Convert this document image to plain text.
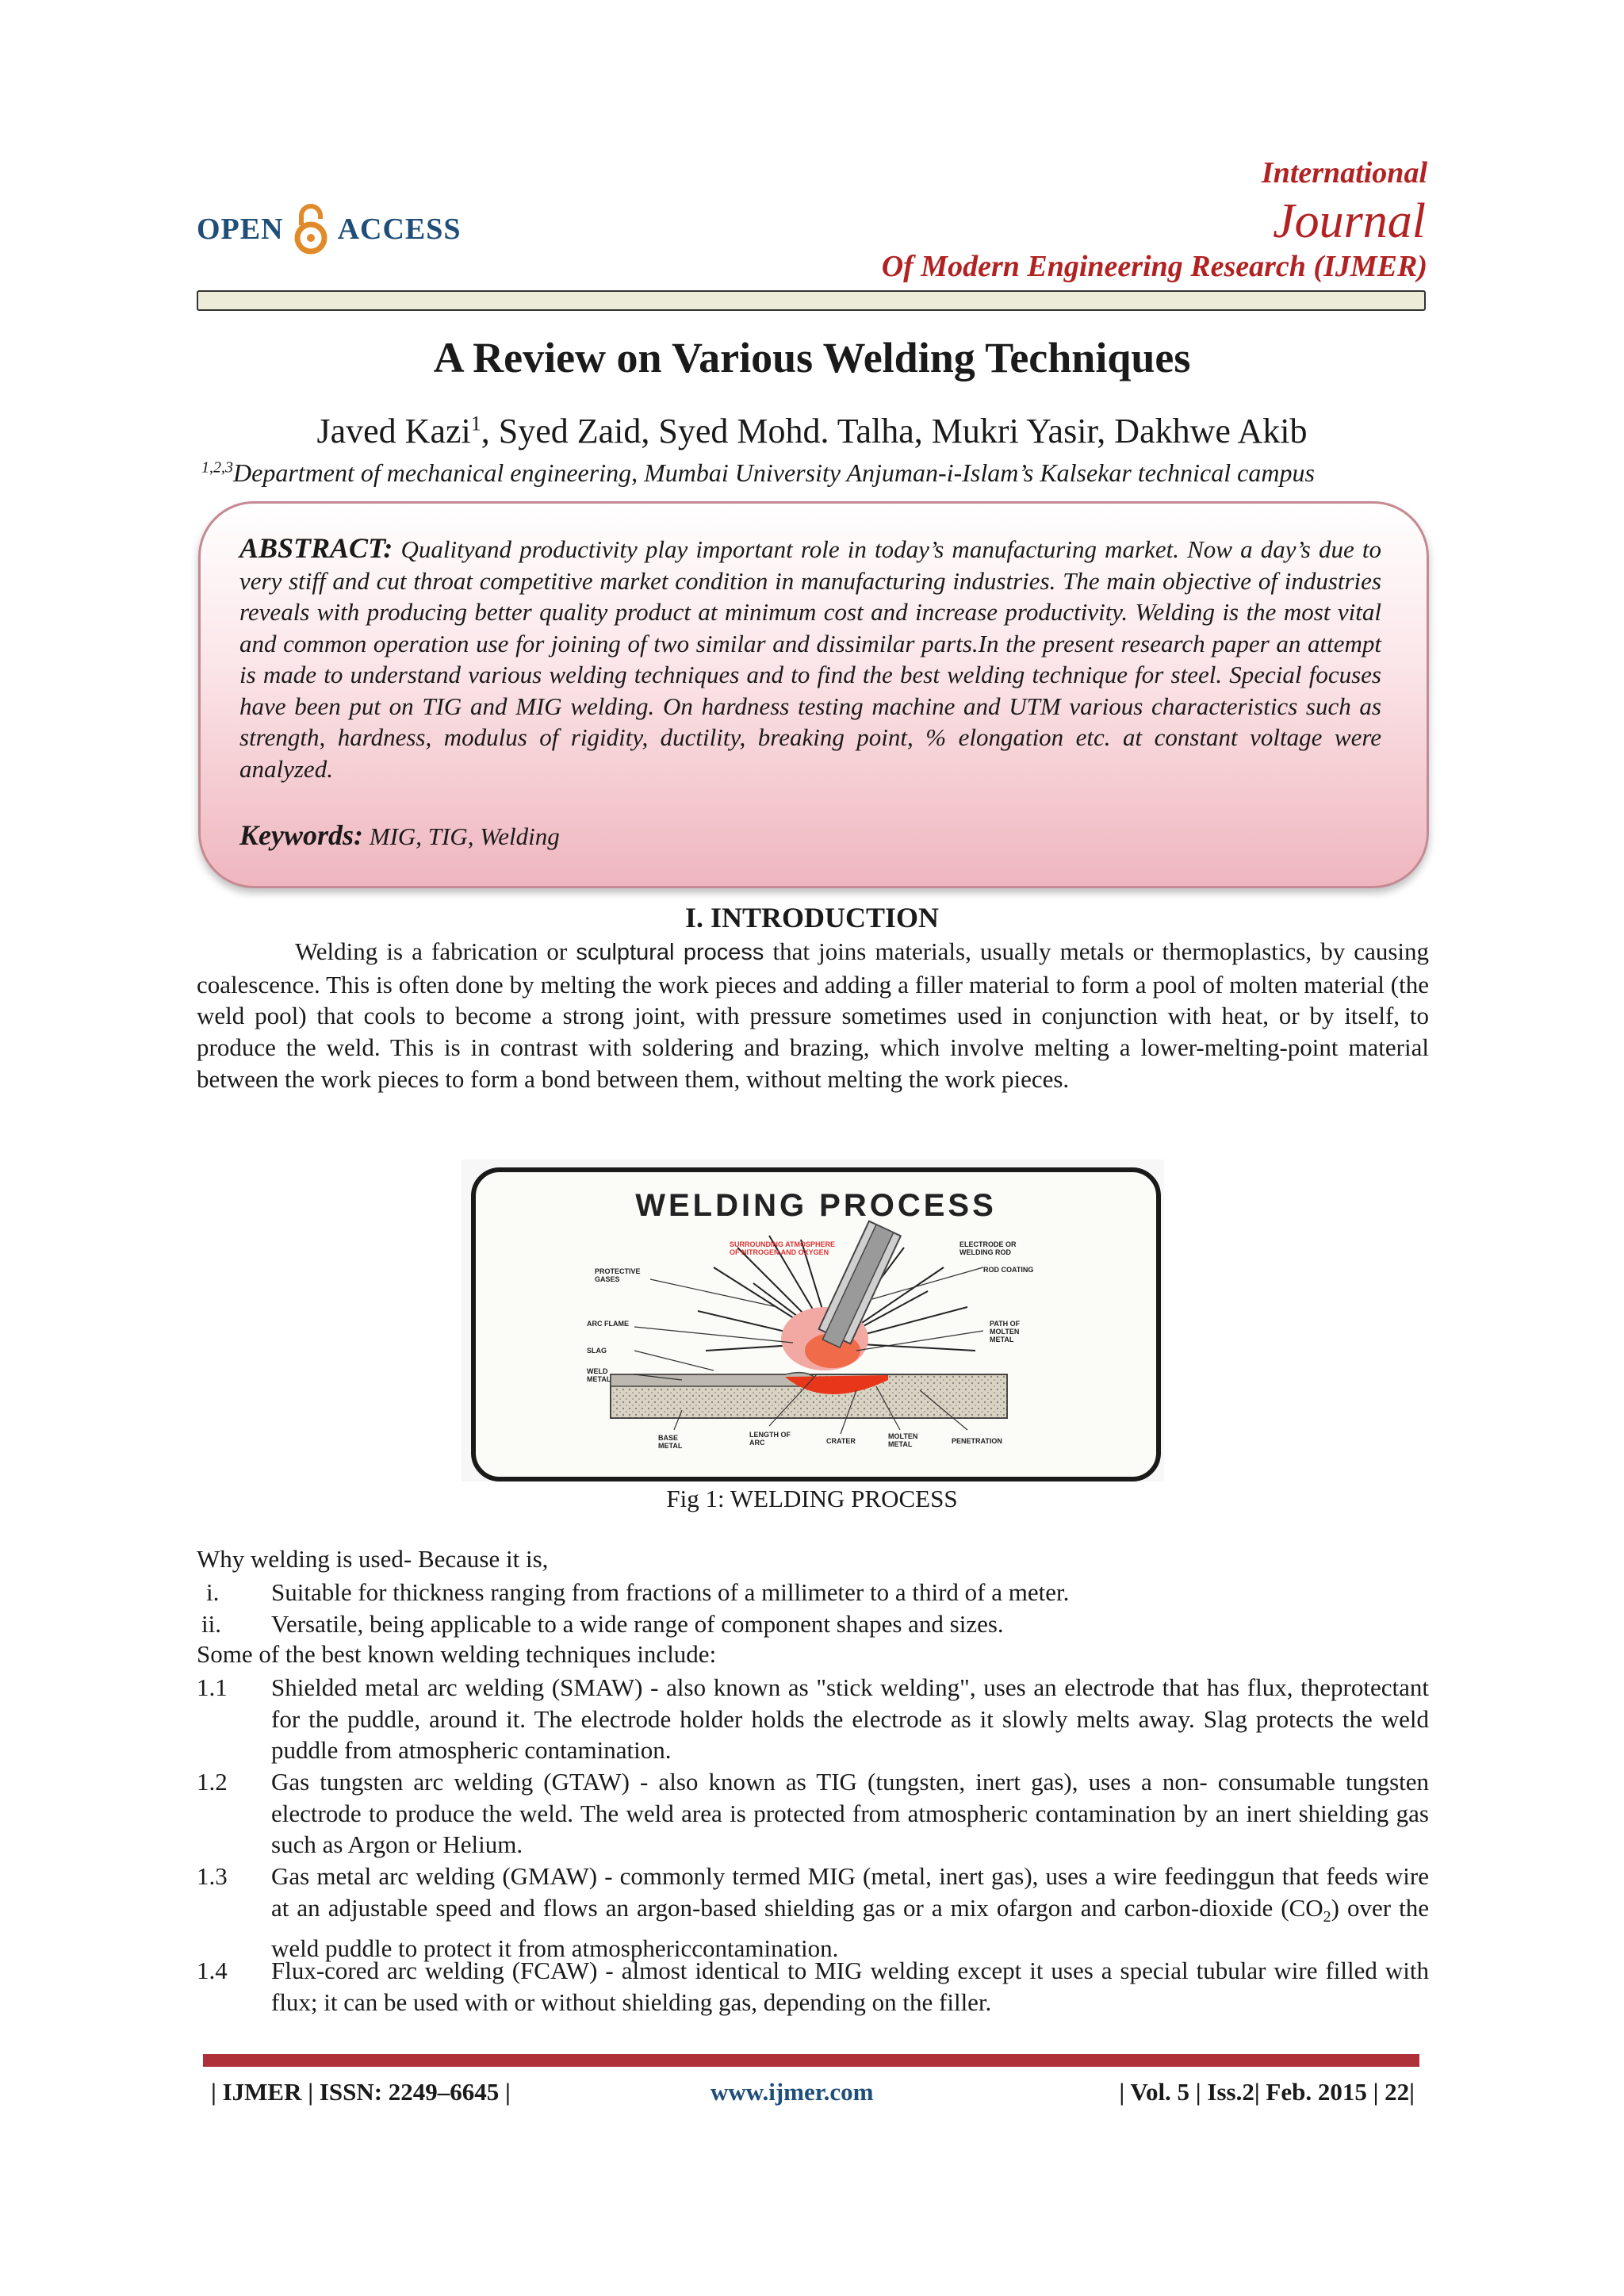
OPEN ACCESS
International
Journal
Of Modern Engineering Research (IJMER)
A Review on Various Welding Techniques
Javed Kazi$^1$, Syed Zaid, Syed Mohd. Talha, Mukri Yasir, Dakhwe Akib
$^{1,2,3}$Department of mechanical engineering, Mumbai University Anjuman-i-Islam’s Kalsekar technical campus
ABSTRACT: Qualityand productivity play important role in today’s manufacturing market. Now a day’s due to very stiff and cut throat competitive market condition in manufacturing industries. The main objective of industries reveals with producing better quality product at minimum cost and increase productivity. Welding is the most vital and common operation use for joining of two similar and dissimilar parts.In the present research paper an attempt is made to understand various welding techniques and to find the best welding technique for steel. Special focuses have been put on TIG and MIG welding. On hardness testing machine and UTM various characteristics such as strength, hardness, modulus of rigidity, ductility, breaking point, % elongation etc. at constant voltage were analyzed.
Keywords: MIG, TIG, Welding
I. INTRODUCTION
Welding is a fabrication or sculptural process that joins materials, usually metals or thermoplastics, by causing coalescence. This is often done by melting the work pieces and adding a filler material to form a pool of molten material (the weld pool) that cools to become a strong joint, with pressure sometimes used in conjunction with heat, or by itself, to produce the weld. This is in contrast with soldering and brazing, which involve melting a lower-melting-point material between the work pieces to form a bond between them, without melting the work pieces.
WELDING PROCESS
SURROUNDING ATMOSPHERE OF NITROGEN AND OXYGEN
ELECTRODE OR WELDING ROD
PROTECTIVE GASES
ROD COATING
ARC FLAME	PATH OF MOLTEN METAL
SLAG
WELD METAL
BASE METAL
LENGTH OF ARC	CRATER
MOLTEN METAL	PENETRATION
Fig 1: WELDING PROCESS
Why welding is used- Because it is,
i. Suitable for thickness ranging from fractions of a millimeter to a third of a meter.
ii. Versatile, being applicable to a wide range of component shapes and sizes.
Some of the best known welding techniques include:
1.1 Shielded metal arc welding (SMAW) - also known as "stick welding", uses an electrode that has flux, theprotectant for the puddle, around it. The electrode holder holds the electrode as it slowly melts away. Slag protects the weld puddle from atmospheric contamination.
1.2 Gas tungsten arc welding (GTAW) - also known as TIG (tungsten, inert gas), uses a non- consumable tungsten electrode to produce the weld. The weld area is protected from atmospheric contamination by an inert shielding gas such as Argon or Helium.
1.3 Gas metal arc welding (GMAW) - commonly termed MIG (metal, inert gas), uses a wire feedinggun that feeds wire at an adjustable speed and flows an argon-based shielding gas or a mix ofargon and carbon-dioxide $(CO_2)$ over the weld puddle to protect it from atmosphericcontamination.
1.4 Flux-cored arc welding (FCAW) - almost identical to MIG welding except it uses a special tubular wire filled with flux; it can be used with or without shielding gas, depending on the filler.
| IJMER | ISSN: 2249–6645 |	www.ijmer.com	| Vol. 5 | Iss.2| Feb. 2015 | 22|
